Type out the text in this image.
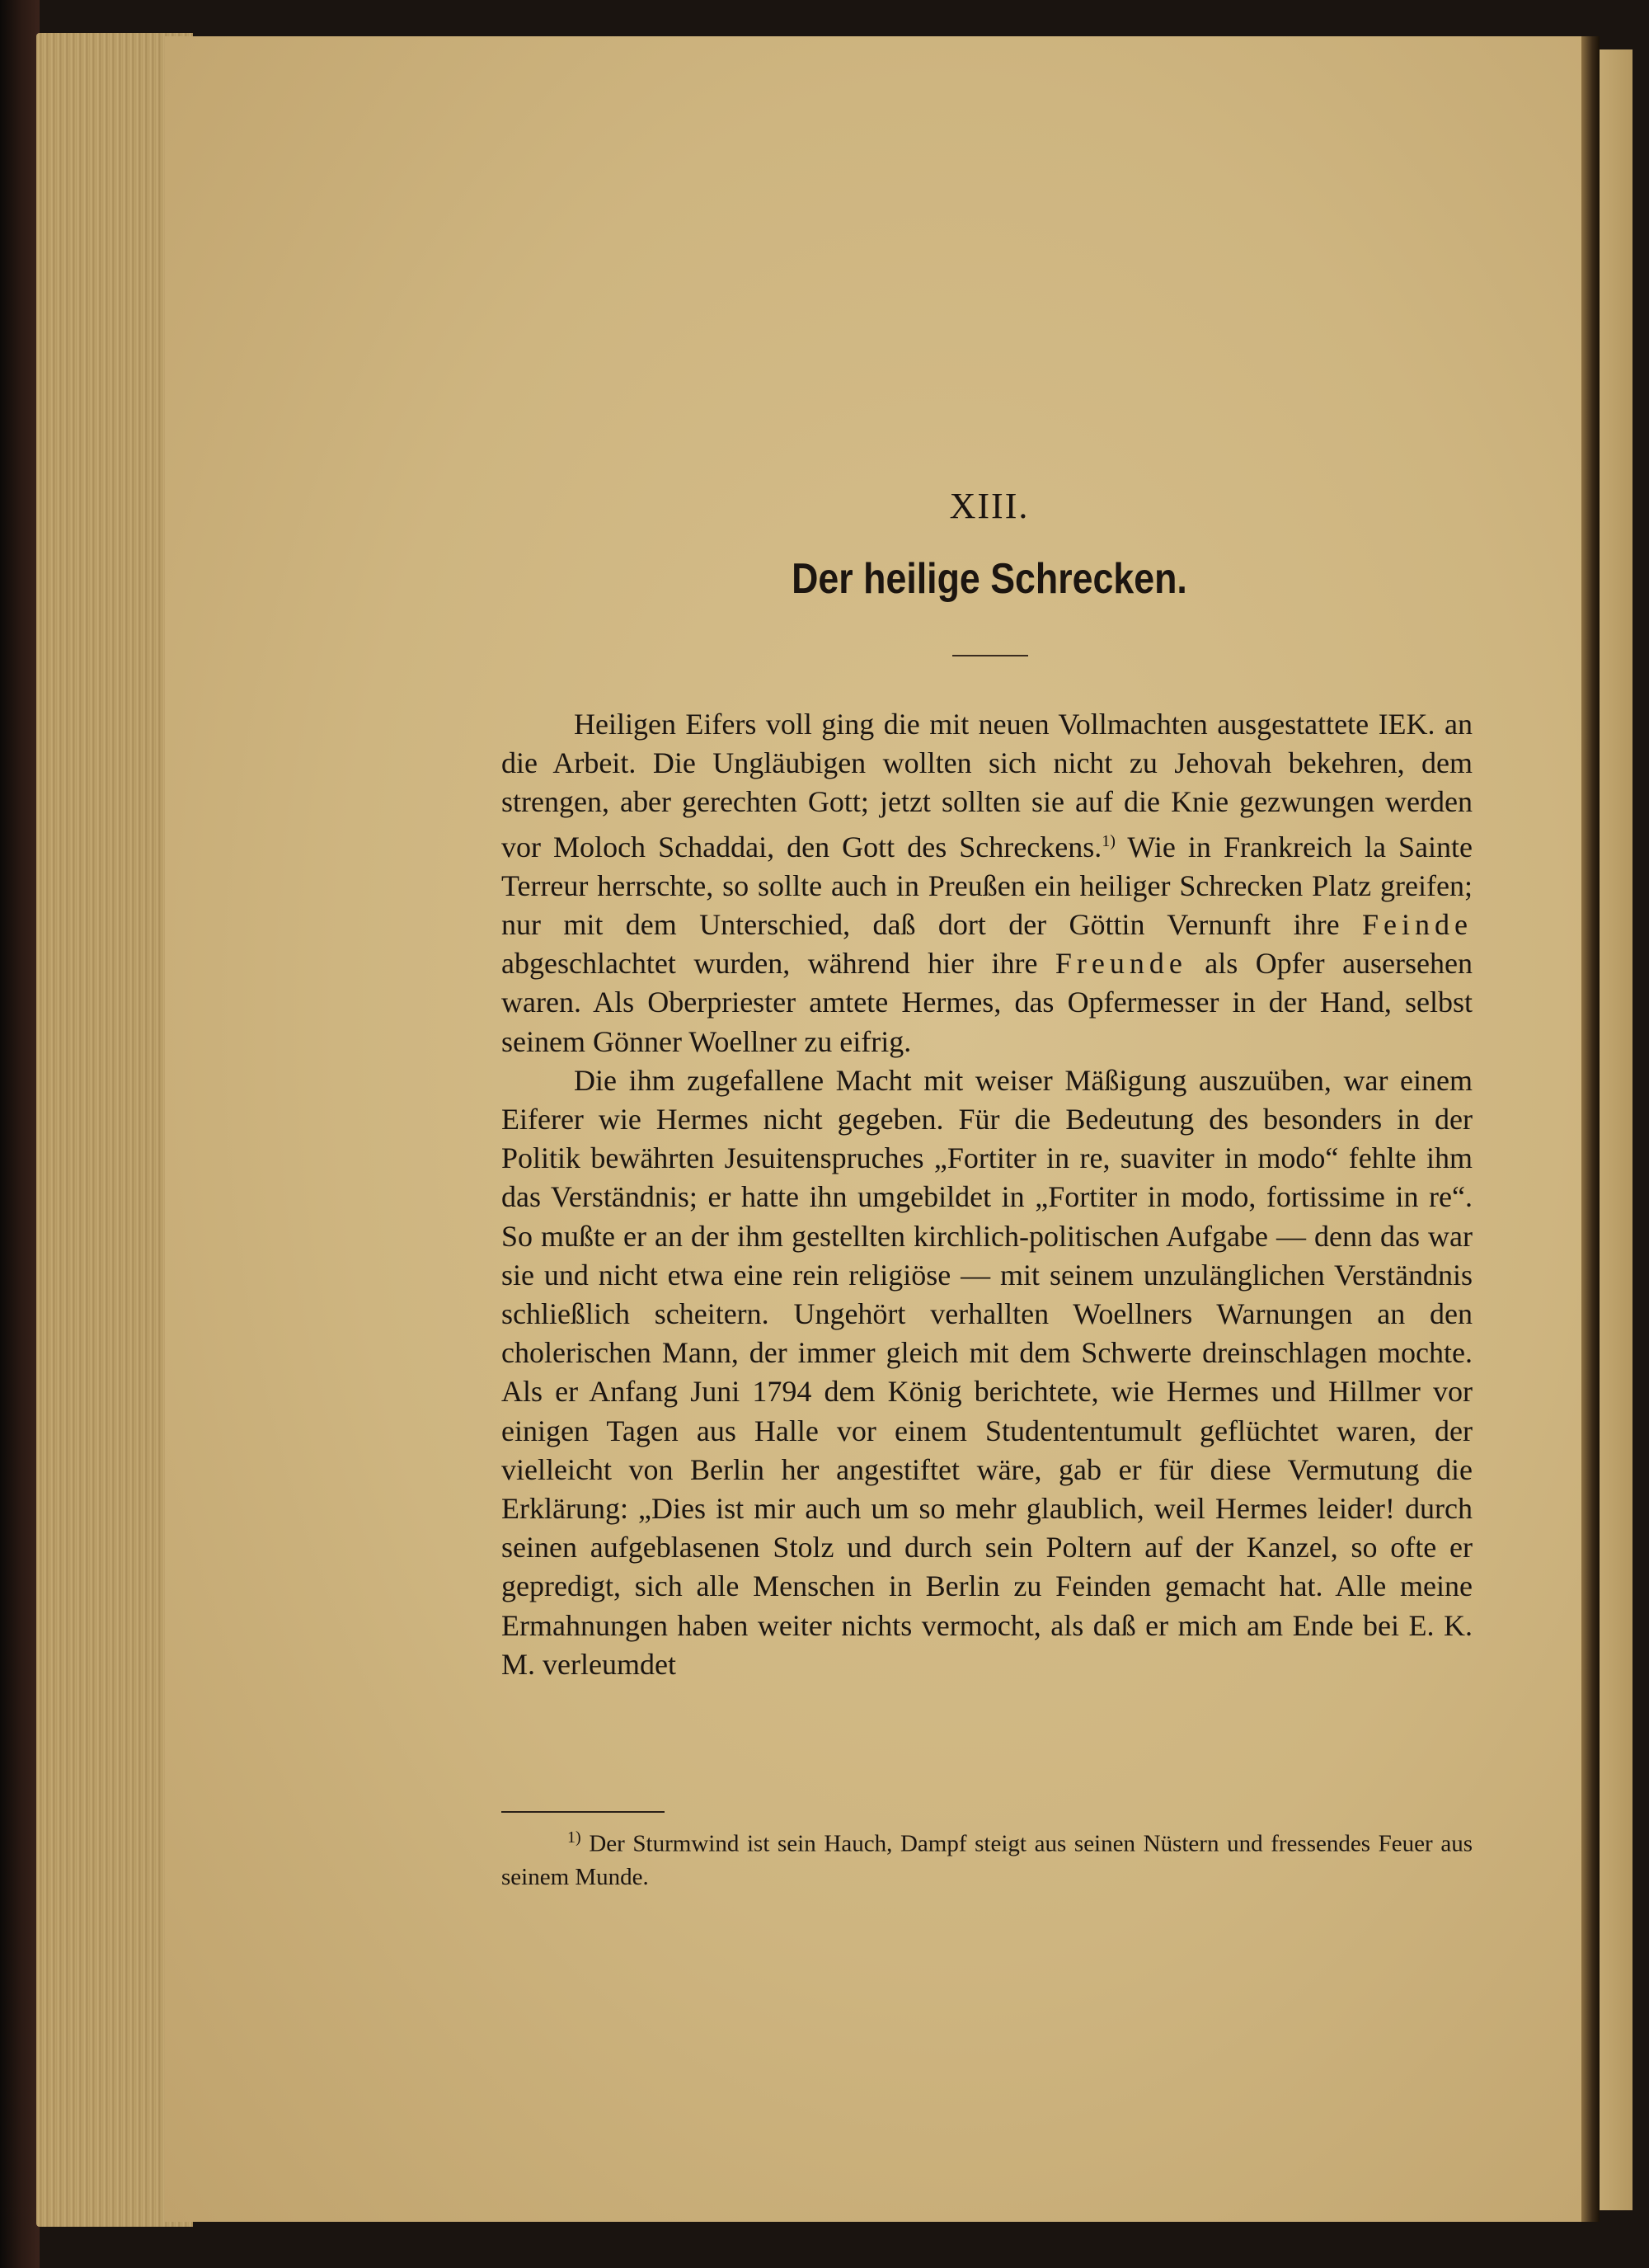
XIII.
Der heilige Schrecken.

Heiligen Eifers voll ging die mit neuen Vollmachten ausgestattete IEK. an die Arbeit. Die Ungläubigen wollten sich nicht zu Jehovah bekehren, dem strengen, aber gerechten Gott; jetzt sollten sie auf die Knie gezwungen werden vor Moloch Schaddai, den Gott des Schreckens.$^{1)}$ Wie in Frankreich la Sainte Terreur herrschte, so sollte auch in Preußen ein heiliger Schrecken Platz greifen; nur mit dem Unterschied, daß dort der Göttin Vernunft ihre Feinde abgeschlachtet wurden, während hier ihre Freunde als Opfer ausersehen waren. Als Oberpriester amtete Hermes, das Opfermesser in der Hand, selbst seinem Gönner Woellner zu eifrig.

Die ihm zugefallene Macht mit weiser Mäßigung auszuüben, war einem Eiferer wie Hermes nicht gegeben. Für die Bedeutung des besonders in der Politik bewährten Jesuitenspruches „Fortiter in re, suaviter in modo“ fehlte ihm das Verständnis; er hatte ihn umgebildet in „Fortiter in modo, fortissime in re“. So mußte er an der ihm gestellten kirchlich-politischen Aufgabe — denn das war sie und nicht etwa eine rein religiöse — mit seinem unzulänglichen Verständnis schließlich scheitern. Ungehört verhallten Woellners Warnungen an den cholerischen Mann, der immer gleich mit dem Schwerte dreinschlagen mochte. Als er Anfang Juni 1794 dem König berichtete, wie Hermes und Hillmer vor einigen Tagen aus Halle vor einem Studententumult geflüchtet waren, der vielleicht von Berlin her angestiftet wäre, gab er für diese Vermutung die Erklärung: „Dies ist mir auch um so mehr glaublich, weil Hermes leider! durch seinen aufgeblasenen Stolz und durch sein Poltern auf der Kanzel, so ofte er gepredigt, sich alle Menschen in Berlin zu Feinden gemacht hat. Alle meine Ermahnungen haben weiter nichts vermocht, als daß er mich am Ende bei E. K. M. verleumdet

$^{1)}$ Der Sturmwind ist sein Hauch, Dampf steigt aus seinen Nüstern und fressendes Feuer aus seinem Munde.
